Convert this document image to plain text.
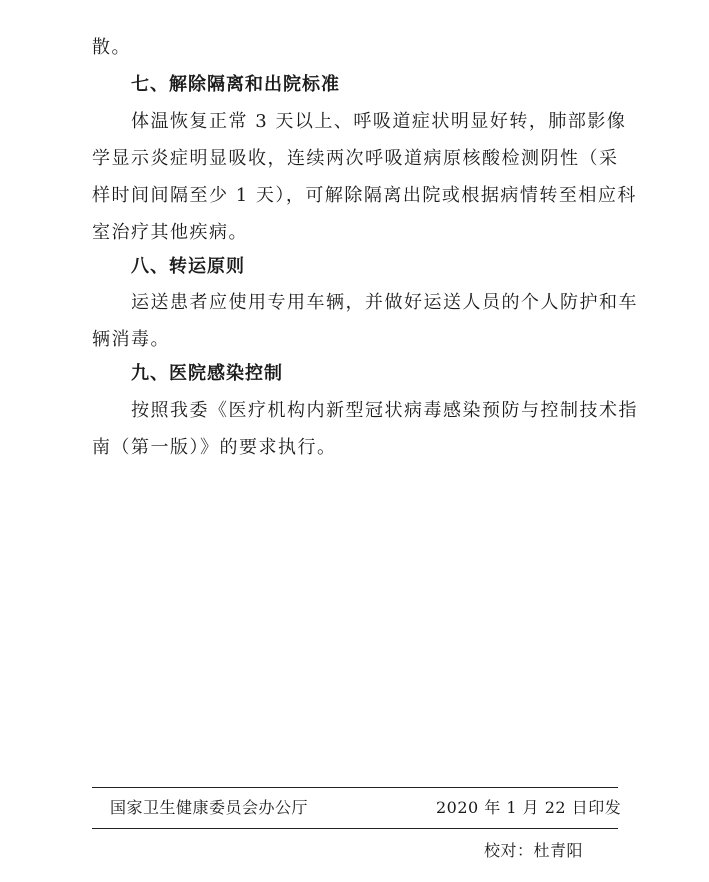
散。

七、解除隔离和出院标准

体温恢复正常 3 天以上、呼吸道症状明显好转，肺部影像
学显示炎症明显吸收，连续两次呼吸道病原核酸检测阴性（采
样时间间隔至少 1 天），可解除隔离出院或根据病情转至相应科
室治疗其他疾病。

八、转运原则

运送患者应使用专用车辆，并做好运送人员的个人防护和车
辆消毒。

九、医院感染控制

按照我委《医疗机构内新型冠状病毒感染预防与控制技术指
南（第一版）》的要求执行。

国家卫生健康委员会办公厅	2020 年 1 月 22 日印发
校对：杜青阳
